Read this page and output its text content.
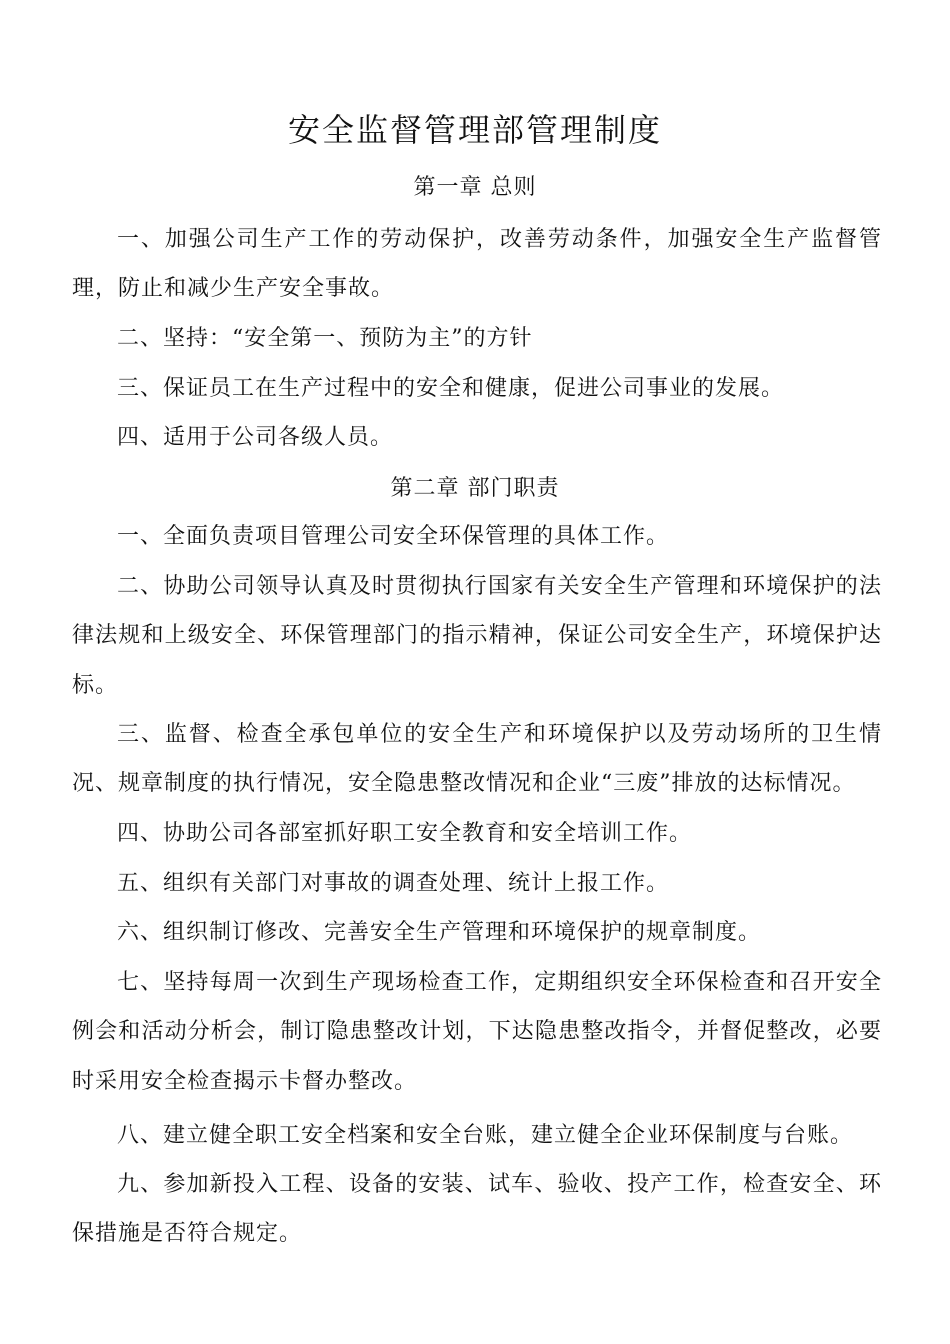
安全监督管理部管理制度
第一章 总则

一、加强公司生产工作的劳动保护，改善劳动条件，加强安全生产监督管理，防止和减少生产安全事故。

二、坚持：“安全第一、预防为主”的方针

三、保证员工在生产过程中的安全和健康，促进公司事业的发展。

四、适用于公司各级人员。

第二章 部门职责

一、全面负责项目管理公司安全环保管理的具体工作。

二、协助公司领导认真及时贯彻执行国家有关安全生产管理和环境保护的法律法规和上级安全、环保管理部门的指示精神，保证公司安全生产，环境保护达标。

三、监督、检查全承包单位的安全生产和环境保护以及劳动场所的卫生情况、规章制度的执行情况，安全隐患整改情况和企业“三废”排放的达标情况。

四、协助公司各部室抓好职工安全教育和安全培训工作。

五、组织有关部门对事故的调查处理、统计上报工作。

六、组织制订修改、完善安全生产管理和环境保护的规章制度。

七、坚持每周一次到生产现场检查工作，定期组织安全环保检查和召开安全例会和活动分析会，制订隐患整改计划，下达隐患整改指令，并督促整改，必要时采用安全检查揭示卡督办整改。

八、建立健全职工安全档案和安全台账，建立健全企业环保制度与台账。

九、参加新投入工程、设备的安装、试车、验收、投产工作，检查安全、环保措施是否符合规定。
